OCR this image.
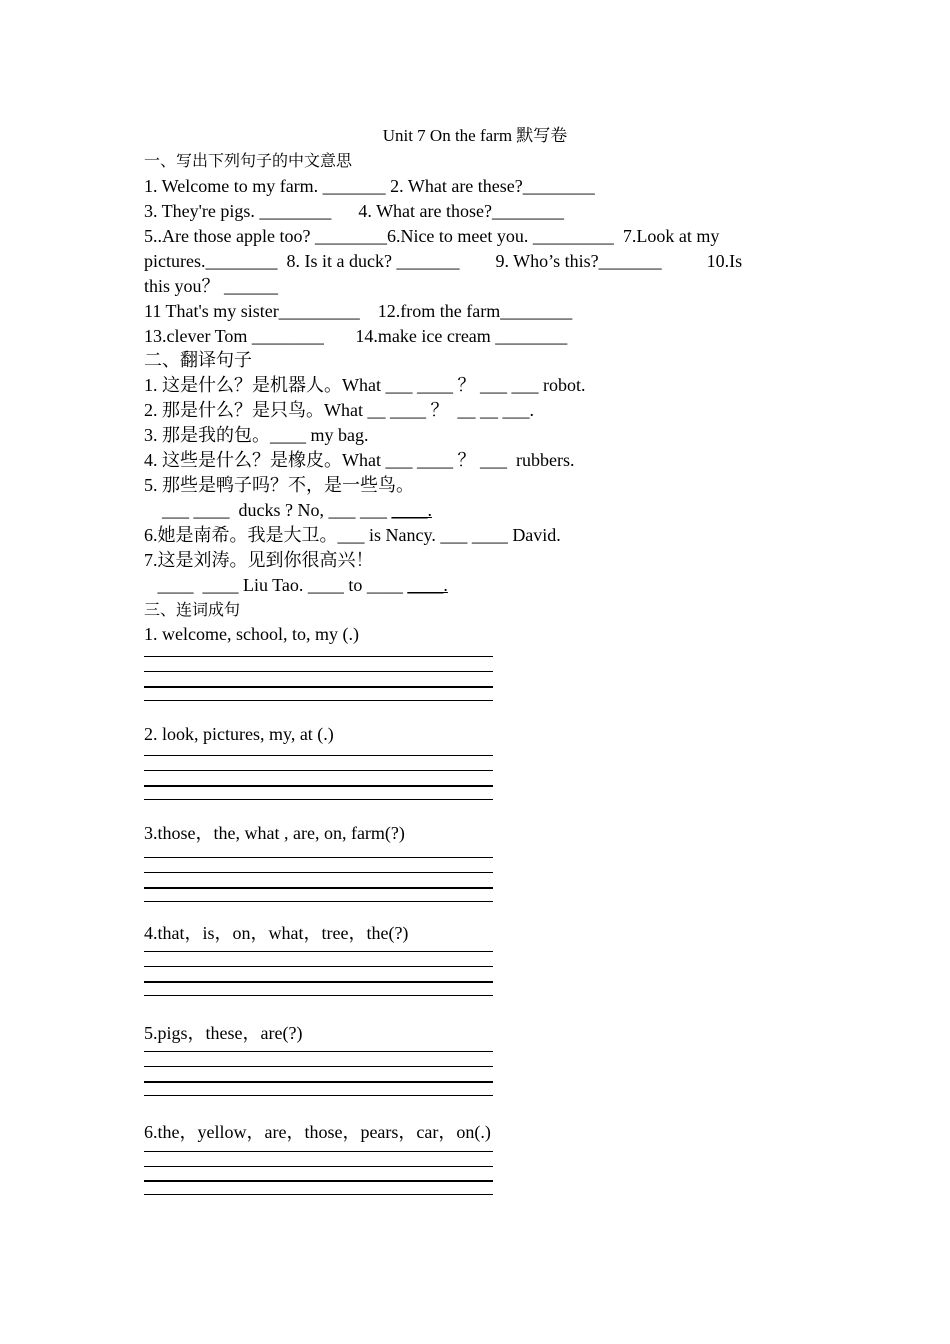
Unit 7 On the farm 默写卷
一、写出下列句子的中文意思
1. Welcome to my farm. _______ 2. What are these?________
3. They're pigs. ________      4. What are those?________
5..Are those apple too? ________6.Nice to meet you. _________  7.Look at my
pictures.________  8. Is it a duck? _______        9. Who’s this?_______          10.Is
this you？ ______
11 That's my sister_________    12.from the farm________
13.clever Tom ________       14.make ice cream ________
二、翻译句子
1. 这是什么？是机器人。What ___ ____ ？ ___ ___ robot.
2. 那是什么？是只鸟。What __ ____ ？  __ __ ___.
3. 那是我的包。____ my bag.
4. 这些是什么？是橡皮。What ___ ____ ？ ___  rubbers.
5. 那些是鸭子吗？不，是一些鸟。
___ ____  ducks ? No, ___ ___ ____.
6.她是南希。我是大卫。___ is Nancy. ___ ____ David.
7.这是刘涛。见到你很高兴！
____  ____ Liu Tao. ____ to ____ ____.
三、连词成句
1. welcome, school, to, my (.)
2. look, pictures, my, at (.)
3.those，the, what , are, on, farm(?)
4.that，is，on，what，tree，the(?)
5.pigs，these，are(?)
6.the，yellow，are，those，pears，car，on(.)
